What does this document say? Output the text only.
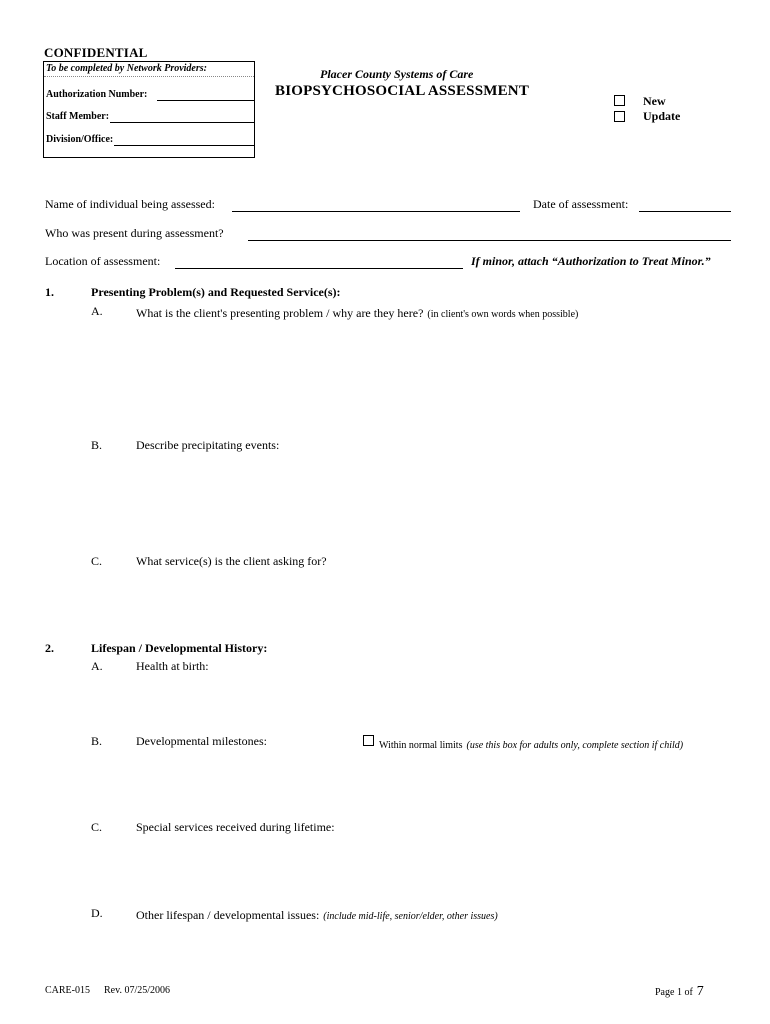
CONFIDENTIAL
To be completed by Network Providers:
Authorization Number:
Staff Member:
Division/Office:
Placer County Systems of Care
BIOPSYCHOSOCIAL ASSESSMENT
New
Update
Name of individual being assessed:	Date of assessment:
Who was present during assessment?
Location of assessment:	If minor, attach “Authorization to Treat Minor.”
1.	Presenting Problem(s) and Requested Service(s):
A.	What is the client's presenting problem / why are they here? (in client's own words when possible)
B.	Describe precipitating events:
C.	What service(s) is the client asking for?
2.	Lifespan / Developmental History:
A.	Health at birth:
B.	Developmental milestones:	Within normal limits (use this box for adults only, complete section if child)
C.	Special services received during lifetime:
D.	Other lifespan / developmental issues: (include mid-life, senior/elder, other issues)
CARE-015 Rev. 07/25/2006	Page 1 of 7
